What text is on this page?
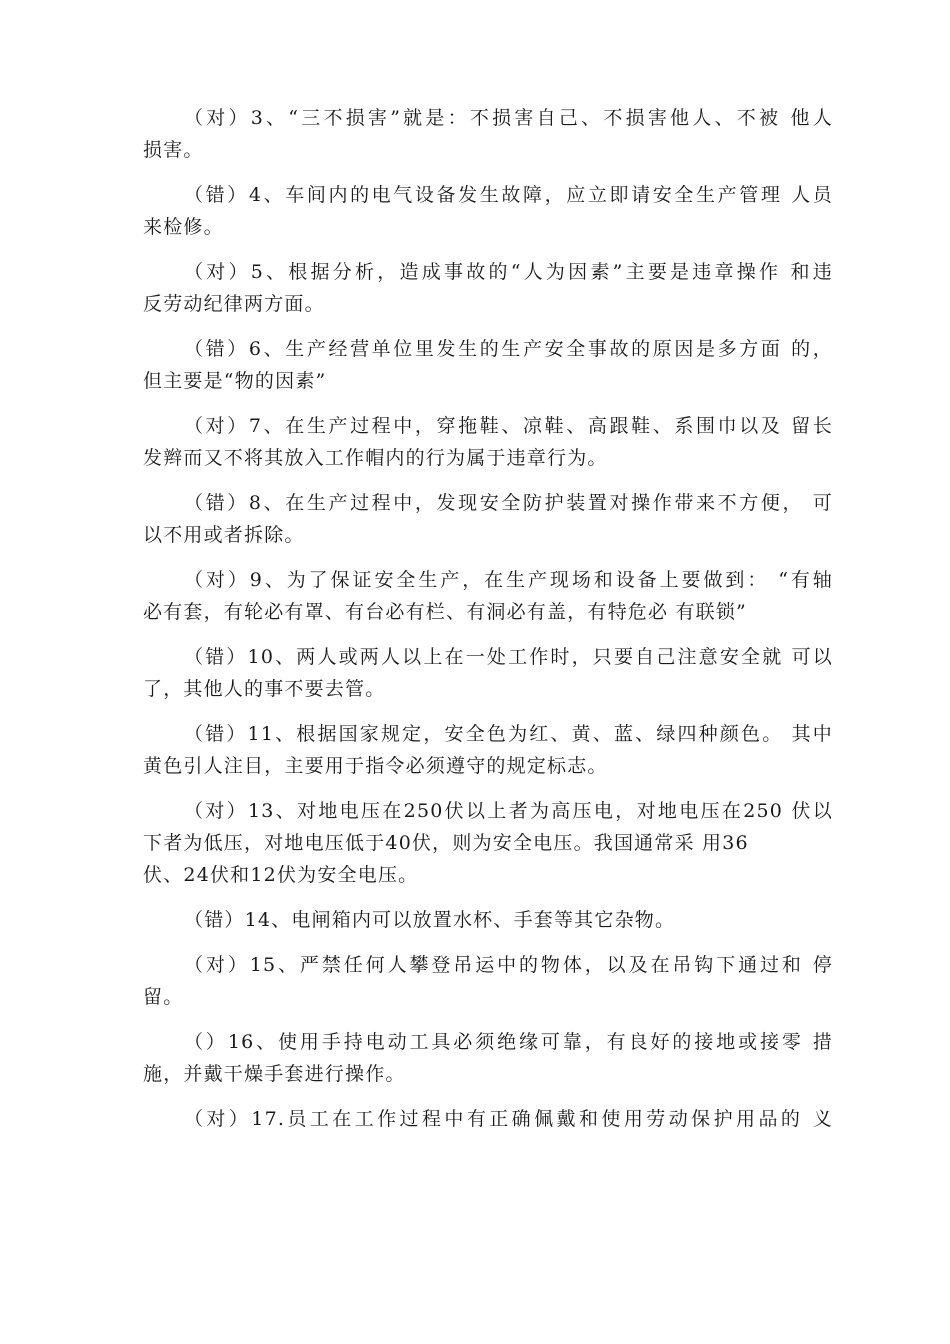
（对）3、“三不损害”就是：不损害自己、不损害他人、不被 他人
损害。
（错）4、车间内的电气设备发生故障，应立即请安全生产管理 人员
来检修。
（对）5、根据分析，造成事故的“人为因素”主要是违章操作 和违
反劳动纪律两方面。
（错）6、生产经营单位里发生的生产安全事故的原因是多方面 的，
但主要是“物的因素”
（对）7、在生产过程中，穿拖鞋、凉鞋、高跟鞋、系围巾以及 留长
发辫而又不将其放入工作帽内的行为属于违章行为。
（错）8、在生产过程中，发现安全防护装置对操作带来不方便， 可
以不用或者拆除。
（对）9、为了保证安全生产，在生产现场和设备上要做到： “有轴
必有套，有轮必有罩、有台必有栏、有洞必有盖，有特危必 有联锁”
（错）10、两人或两人以上在一处工作时，只要自己注意安全就 可以
了，其他人的事不要去管。
（错）11、根据国家规定，安全色为红、黄、蓝、绿四种颜色。 其中
黄色引人注目，主要用于指令必须遵守的规定标志。
（对）13、对地电压在250伏以上者为高压电，对地电压在250 伏以
下者为低压，对地电压低于40伏，则为安全电压。我国通常采 用36
伏、24伏和12伏为安全电压。
（错）14、电闸箱内可以放置水杯、手套等其它杂物。
（对）15、严禁任何人攀登吊运中的物体，以及在吊钩下通过和 停
留。
（）16、使用手持电动工具必须绝缘可靠，有良好的接地或接零 措
施，并戴干燥手套进行操作。
（对）17.员工在工作过程中有正确佩戴和使用劳动保护用品的 义
